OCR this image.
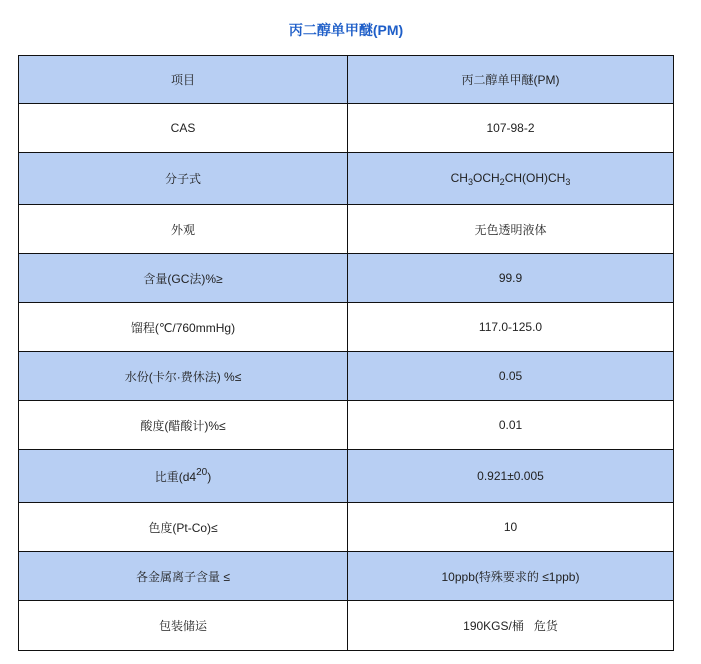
丙二醇单甲醚(PM)
项目	丙二醇单甲醚(PM)
CAS	107-98-2
分子式	$CH_3OCH_2CH(OH)CH_3$
外观	无色透明液体
含量(GC法)%≥	99.9
馏程(℃/760mmHg)	117.0-125.0
水份(卡尔·费休法) %≤	0.05
酸度(醋酸计)%≤	0.01
比重$(d4^{20})$	0.921±0.005
色度(Pt-Co)≤	10
各金属离子含量 ≤	10ppb(特殊要求的 ≤1ppb)
包装储运	190KGS/桶   危货
